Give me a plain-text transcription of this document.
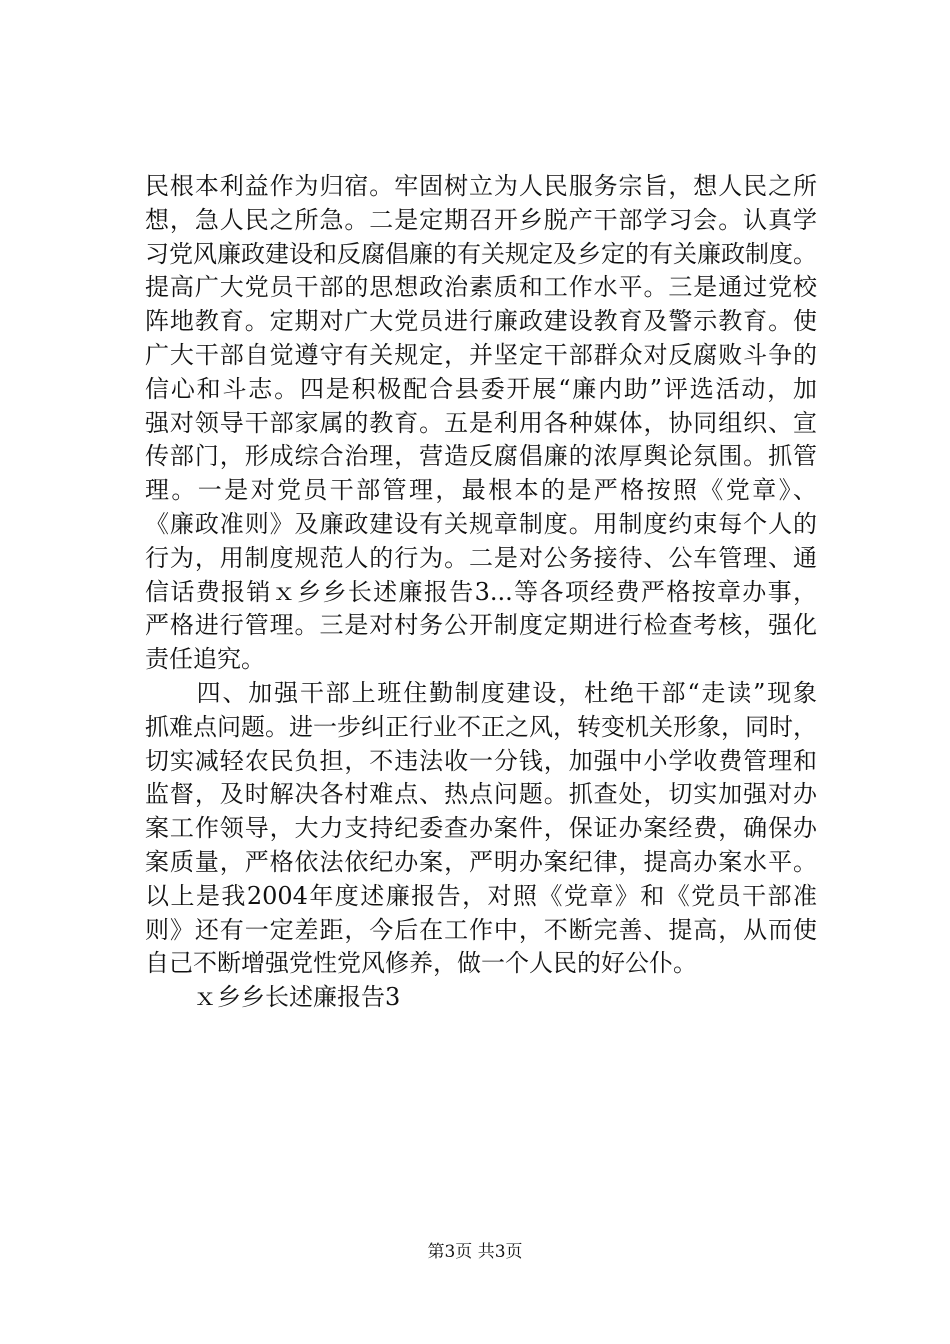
民根本利益作为归宿。牢固树立为人民服务宗旨，想人民之所
想，急人民之所急。二是定期召开乡脱产干部学习会。认真学
习党风廉政建设和反腐倡廉的有关规定及乡定的有关廉政制度。
提高广大党员干部的思想政治素质和工作水平。三是通过党校
阵地教育。定期对广大党员进行廉政建设教育及警示教育。使
广大干部自觉遵守有关规定，并坚定干部群众对反腐败斗争的
信心和斗志。四是积极配合县委开展“廉内助”评选活动，加
强对领导干部家属的教育。五是利用各种媒体，协同组织、宣
传部门，形成综合治理，营造反腐倡廉的浓厚舆论氛围。抓管
理。一是对党员干部管理，最根本的是严格按照《党章》、
《廉政准则》及廉政建设有关规章制度。用制度约束每个人的
行为，用制度规范人的行为。二是对公务接待、公车管理、通
信话费报销ｘ乡乡长述廉报告3...等各项经费严格按章办事，
严格进行管理。三是对村务公开制度定期进行检查考核，强化
责任追究。
　　四、加强干部上班住勤制度建设，杜绝干部“走读”现象
抓难点问题。进一步纠正行业不正之风，转变机关形象，同时，
切实减轻农民负担，不违法收一分钱，加强中小学收费管理和
监督，及时解决各村难点、热点问题。抓查处，切实加强对办
案工作领导，大力支持纪委查办案件，保证办案经费，确保办
案质量，严格依法依纪办案，严明办案纪律，提高办案水平。
以上是我2004年度述廉报告，对照《党章》和《党员干部准
则》还有一定差距，今后在工作中，不断完善、提高，从而使
自己不断增强党性党风修养，做一个人民的好公仆。
　　ｘ乡乡长述廉报告3
第3页 共3页
